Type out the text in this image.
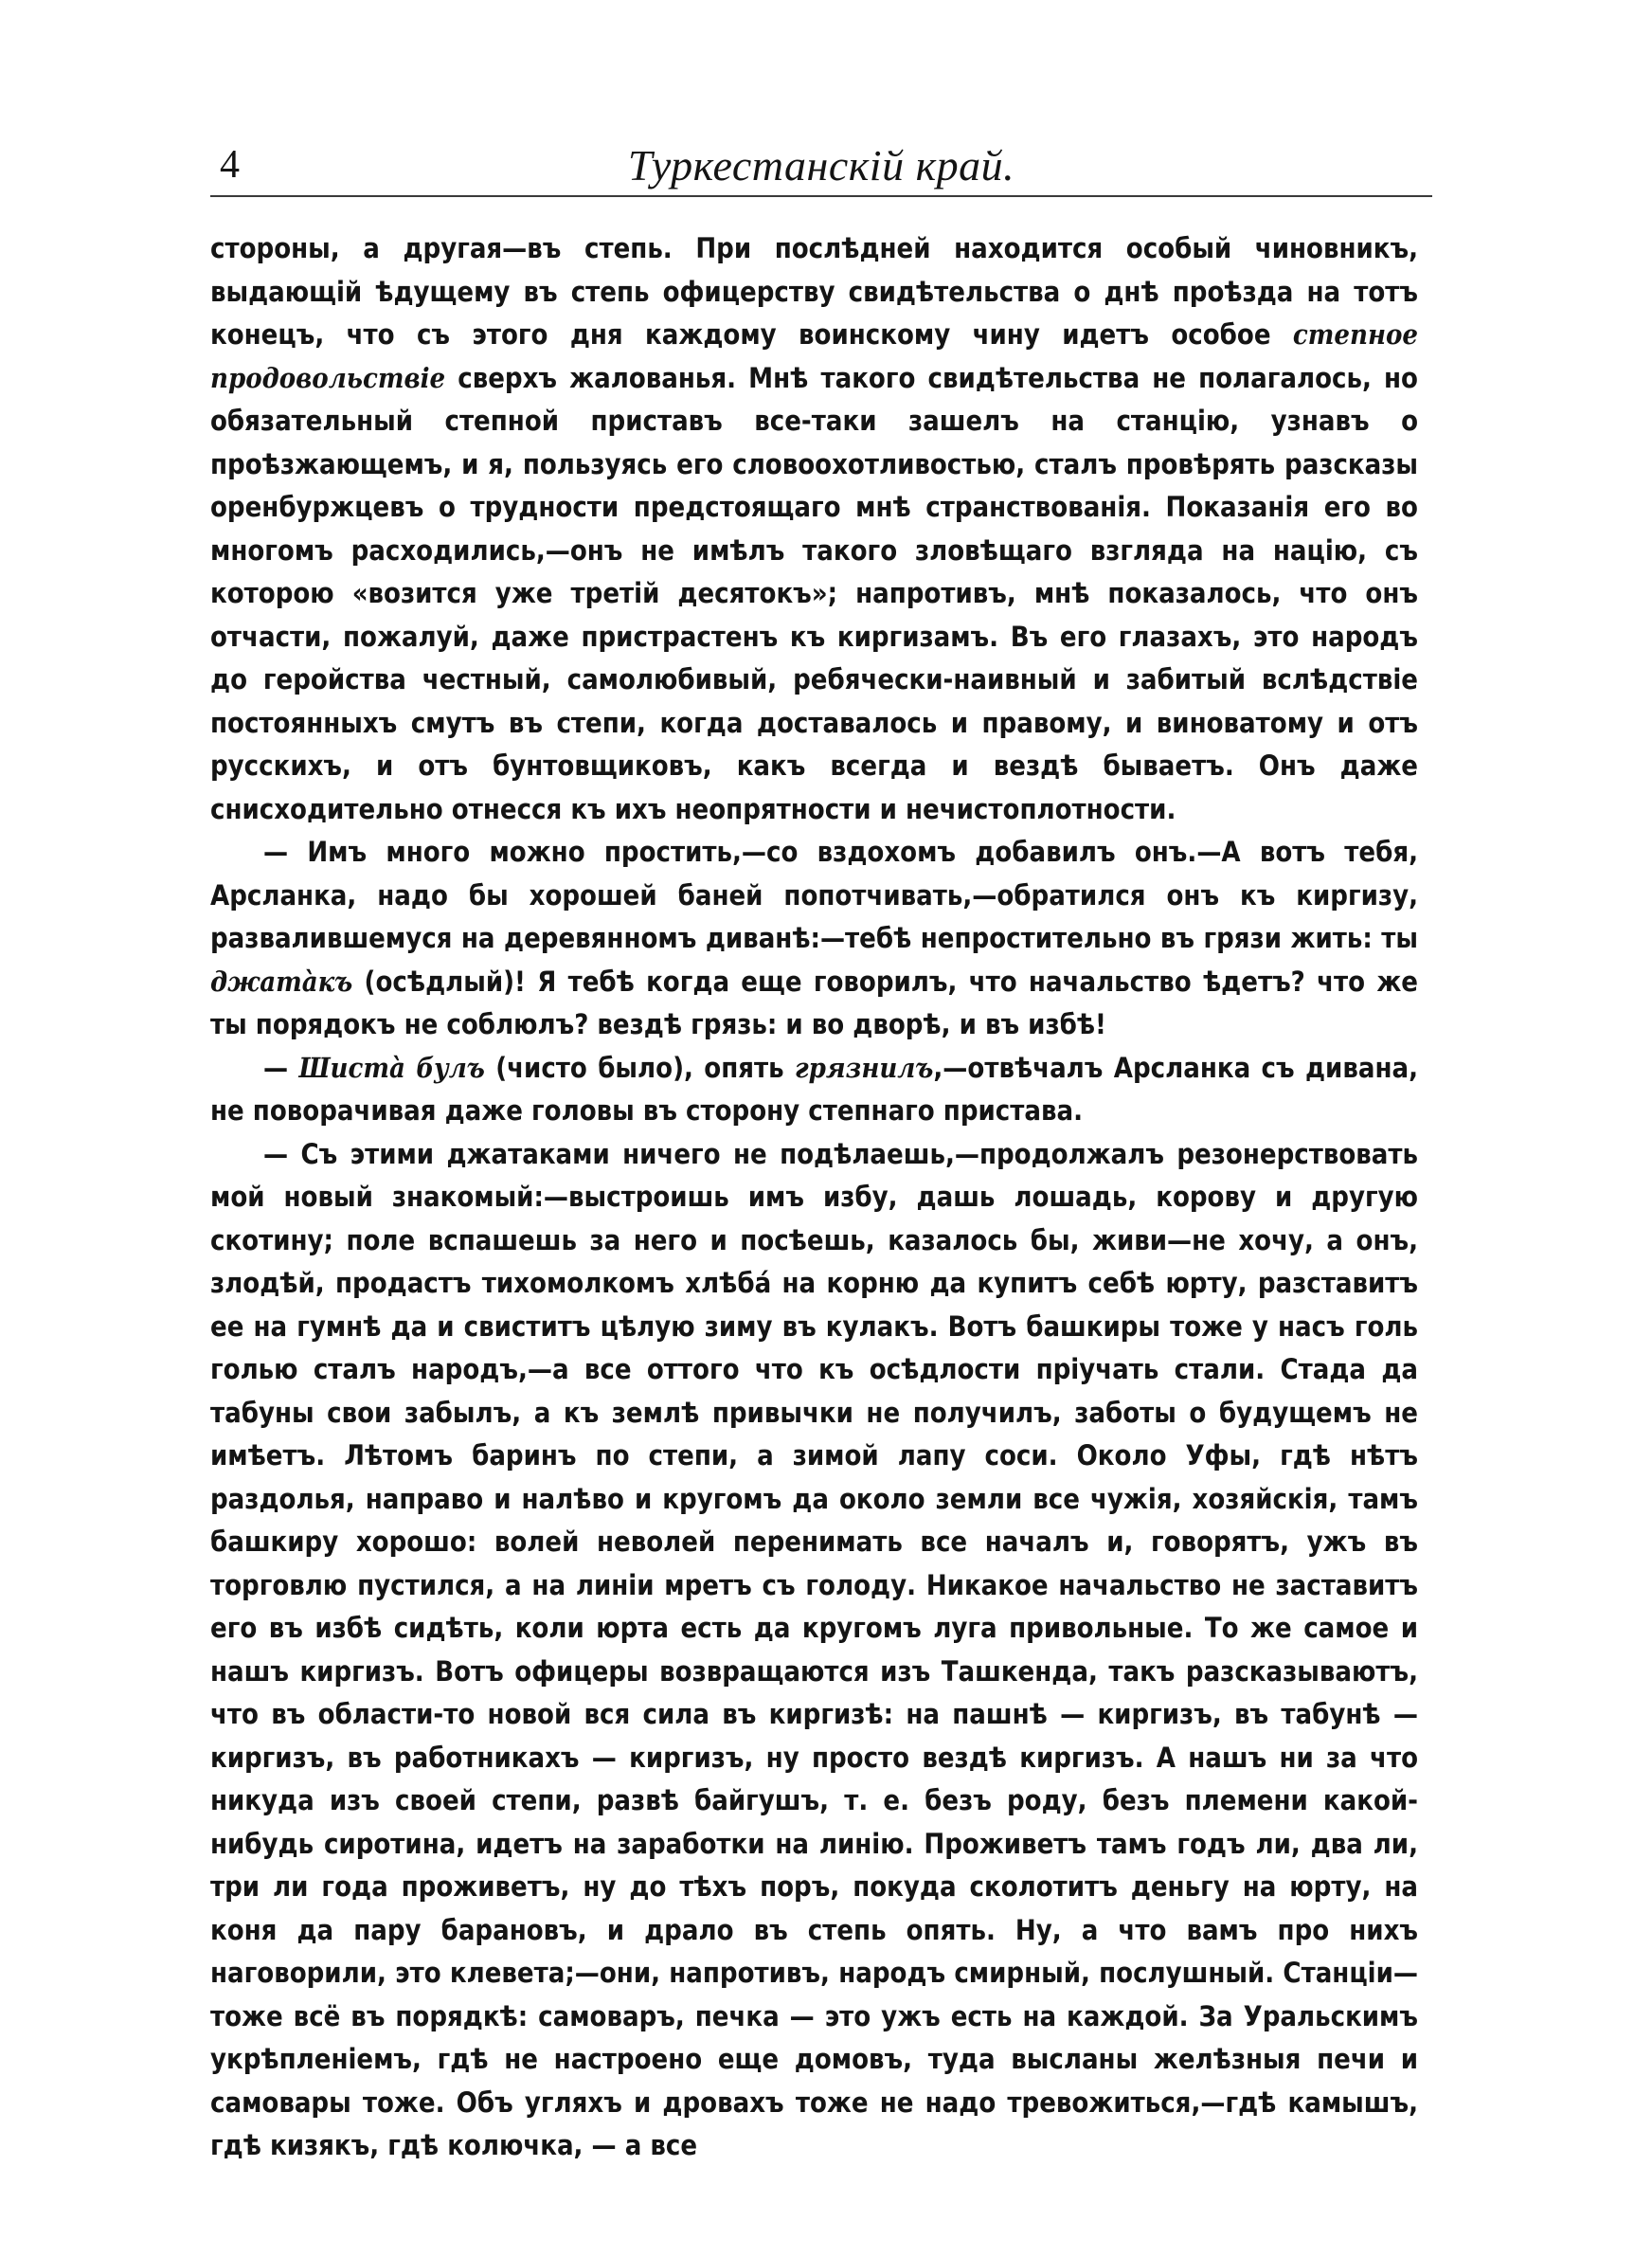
4	Туркестанскій край.

стороны, а другая—въ степь. При послѣдней находится особый чиновникъ, выдающій ѣдущему въ степь офицерству свидѣтельства о днѣ проѣзда на тотъ конецъ, что съ этого дня каждому воинскому чину идетъ особое степное продовольствіе сверхъ жалованья. Мнѣ такого свидѣтельства не полагалось, но обязательный степной приставъ все-таки зашелъ на станцію, узнавъ о проѣзжающемъ, и я, пользуясь его словоохотливостью, сталъ провѣрять разсказы оренбуржцевъ о трудности предстоящаго мнѣ странствованія. Показанія его во многомъ расходились,—онъ не имѣлъ такого зловѣщаго взгляда на націю, съ которою «возится уже третій десятокъ»; напротивъ, мнѣ показалось, что онъ отчасти, пожалуй, даже пристрастенъ къ киргизамъ. Въ его глазахъ, это народъ до геройства честный, самолюбивый, ребячески-наивный и забитый вслѣдствіе постоянныхъ смутъ въ степи, когда доставалось и правому, и виноватому и отъ русскихъ, и отъ бунтовщиковъ, какъ всегда и вездѣ бываетъ. Онъ даже снисходительно отнесся къ ихъ неопрятности и нечистоплотности.

— Имъ много можно простить,—со вздохомъ добавилъ онъ.—А вотъ тебя, Арсланка, надо бы хорошей баней попотчивать,—обратился онъ къ киргизу, развалившемуся на деревянномъ диванѣ:—тебѣ непростительно въ грязи жить: ты джатàкъ (осѣдлый)! Я тебѣ когда еще говорилъ, что начальство ѣдетъ? что же ты порядокъ не соблюлъ? вездѣ грязь: и во дворѣ, и въ избѣ!

— Шистà булъ (чисто было), опять грязнилъ,—отвѣчалъ Арсланка съ дивана, не поворачивая даже головы въ сторону степнаго пристава.

— Съ этими джатаками ничего не подѣлаешь,—продолжалъ резонерствовать мой новый знакомый:—выстроишь имъ избу, дашь лошадь, корову и другую скотину; поле вспашешь за него и посѣешь, казалось бы, живи—не хочу, а онъ, злодѣй, продастъ тихомолкомъ хлѣбá на корню да купитъ себѣ юрту, разставитъ ее на гумнѣ да и свиститъ цѣлую зиму въ кулакъ. Вотъ башкиры тоже у насъ голь голью сталъ народъ,—а все оттого что къ осѣдлости пріучать стали. Стада да табуны свои забылъ, а къ землѣ привычки не получилъ, заботы о будущемъ не имѣетъ. Лѣтомъ баринъ по степи, а зимой лапу соси. Около Уфы, гдѣ нѣтъ раздолья, направо и налѣво и кругомъ да около земли все чужія, хозяйскія, тамъ башкиру хорошо: волей неволей перенимать все началъ и, говорятъ, ужъ въ торговлю пустился, а на линіи мретъ съ голоду. Никакое начальство не заставитъ его въ избѣ сидѣть, коли юрта есть да кругомъ луга привольные. То же самое и нашъ киргизъ. Вотъ офицеры возвращаются изъ Ташкенда, такъ разсказываютъ, что въ области-то новой вся сила въ киргизѣ: на пашнѣ — киргизъ, въ табунѣ — киргизъ, въ работникахъ — киргизъ, ну просто вездѣ киргизъ. А нашъ ни за что никуда изъ своей степи, развѣ байгушъ, т. е. безъ роду, безъ племени какой-нибудь сиротина, идетъ на заработки на линію. Проживетъ тамъ годъ ли, два ли, три ли года проживетъ, ну до тѣхъ поръ, покуда сколотитъ деньгу на юрту, на коня да пару барановъ, и драло въ степь опять. Ну, а что вамъ про нихъ наговорили, это клевета;—они, напротивъ, народъ смирный, послушный. Станціи—тоже всё въ порядкѣ: самоваръ, печка — это ужъ есть на каждой. За Уральскимъ укрѣпленіемъ, гдѣ не настроено еще домовъ, туда высланы желѣзныя печи и самовары тоже. Объ угляхъ и дровахъ тоже не надо тревожиться,—гдѣ камышъ, гдѣ кизякъ, гдѣ колючка, — а все
